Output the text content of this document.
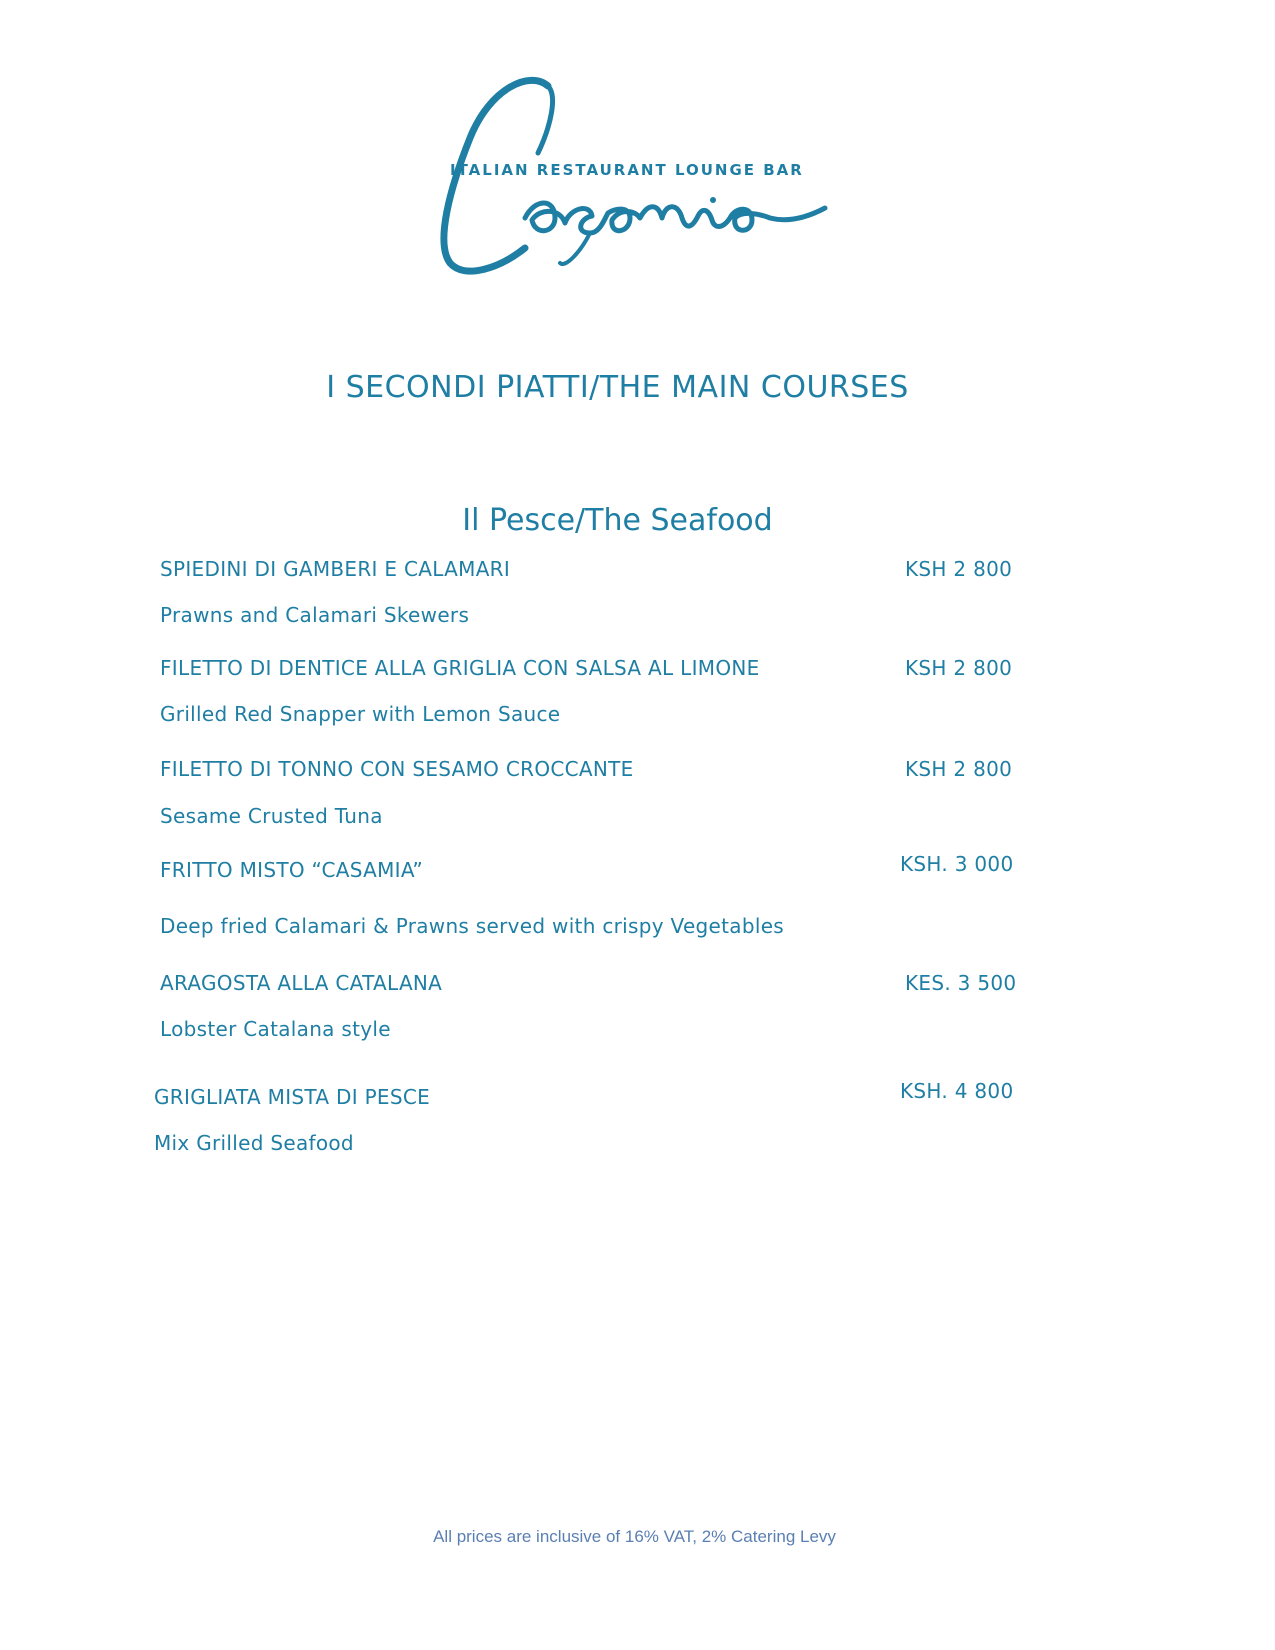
ITALIAN RESTAURANT LOUNGE BAR
I SECONDI PIATTI/THE MAIN COURSES
Il Pesce/The Seafood
SPIEDINI DI GAMBERI E CALAMARI	KSH 2 800
Prawns and Calamari Skewers
FILETTO DI DENTICE ALLA GRIGLIA CON SALSA AL LIMONE	KSH 2 800
Grilled Red Snapper with Lemon Sauce
FILETTO DI TONNO CON SESAMO CROCCANTE	KSH 2 800
Sesame Crusted Tuna
FRITTO MISTO “CASAMIA”	KSH. 3 000
Deep fried Calamari & Prawns served with crispy Vegetables
ARAGOSTA ALLA CATALANA	KES. 3 500
Lobster Catalana style
GRIGLIATA MISTA DI PESCE	KSH. 4 800
Mix Grilled Seafood
All prices are inclusive of 16% VAT, 2% Catering Levy
